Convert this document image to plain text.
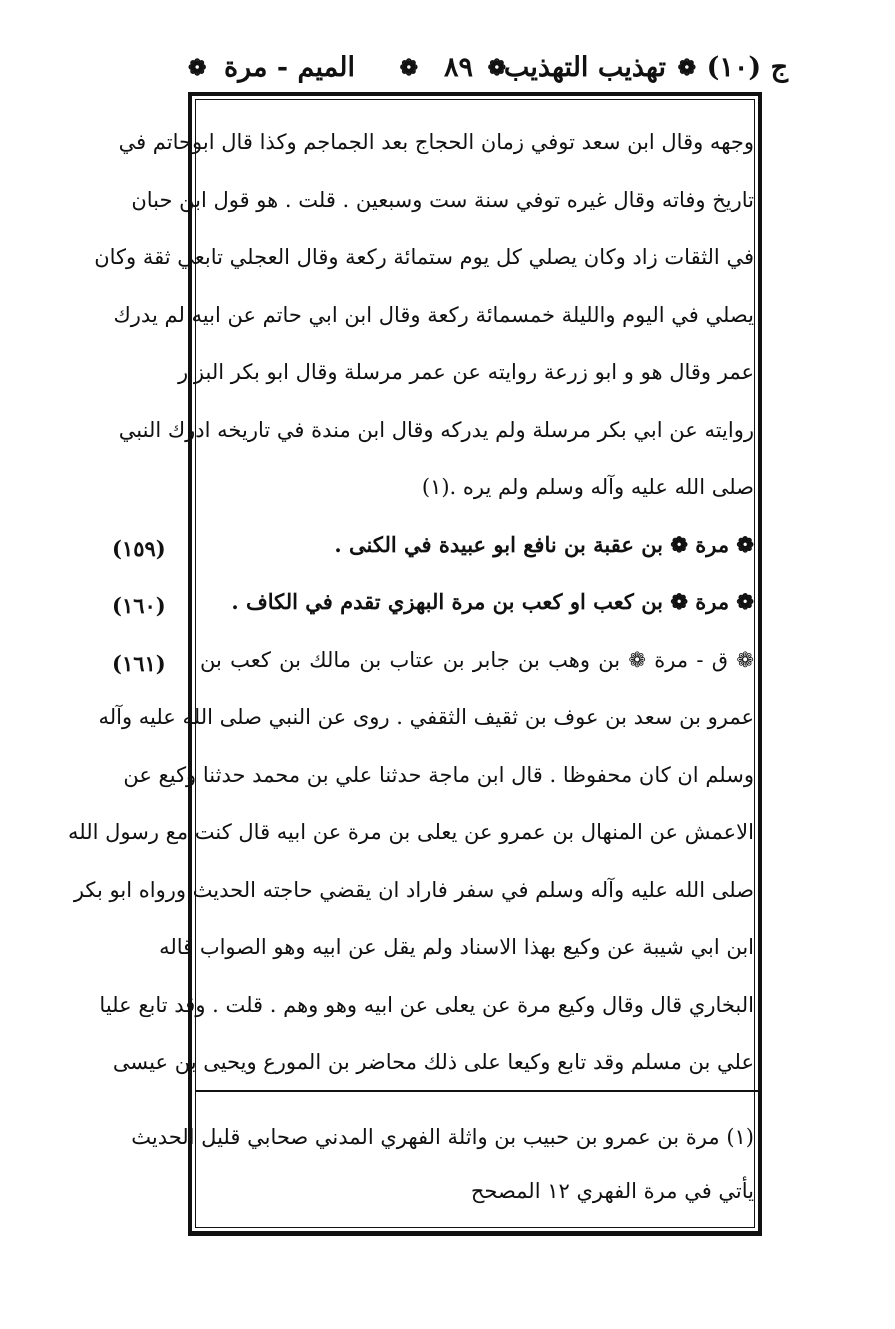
ج (١٠)
❁
تهذيب التهذيب
❁
٨٩
❁
الميم - مرة
❁
وجهه وقال ابن سعد توفي زمان الحجاج بعد الجماجم وكذا قال ابوحاتم في
تاريخ وفاته وقال غيره توفي سنة ست وسبعين . قلت . هو قول ابن حبان
في الثقات زاد وكان يصلي كل يوم ستمائة ركعة وقال العجلي تابعي ثقة وكان
يصلي في اليوم والليلة خمسمائة ركعة وقال ابن ابي حاتم عن ابيه لم يدرك
عمر وقال هو و ابو زرعة روايته عن عمر مرسلة وقال ابو بكر البزار
روايته عن ابي بكر مرسلة ولم يدركه وقال ابن مندة في تاريخه ادرك النبي
صلى الله عليه وآله وسلم ولم يره .(١)
❁ مرة ❁ بن عقبة بن نافع ابو عبيدة في الكنى .
❁ مرة ❁ بن كعب او كعب بن مرة البهزي تقدم في الكاف .
❁ ق - مرة ❁ بن وهب بن جابر بن عتاب بن مالك بن كعب بن
عمرو بن سعد بن عوف بن ثقيف الثقفي . روى عن النبي صلى الله عليه وآله
وسلم ان كان محفوظا . قال ابن ماجة حدثنا علي بن محمد حدثنا وكيع عن
الاعمش عن المنهال بن عمرو عن يعلى بن مرة عن ابيه قال كنت مع رسول الله
صلى الله عليه وآله وسلم في سفر فاراد ان يقضي حاجته الحديث ورواه ابو بكر
ابن ابي شيبة عن وكيع بهذا الاسناد ولم يقل عن ابيه وهو الصواب قاله
البخاري قال وقال وكيع مرة عن يعلى عن ابيه وهو وهم . قلت . وقد تابع عليا
علي بن مسلم وقد تابع وكيعا على ذلك محاضر بن المورع ويحيى بن عيسى
(١٥٩)
(١٦٠)
(١٦١)
(١) مرة بن عمرو بن حبيب بن واثلة الفهري المدني صحابي قليل الحديث
يأتي في مرة الفهري ١٢ المصحح
